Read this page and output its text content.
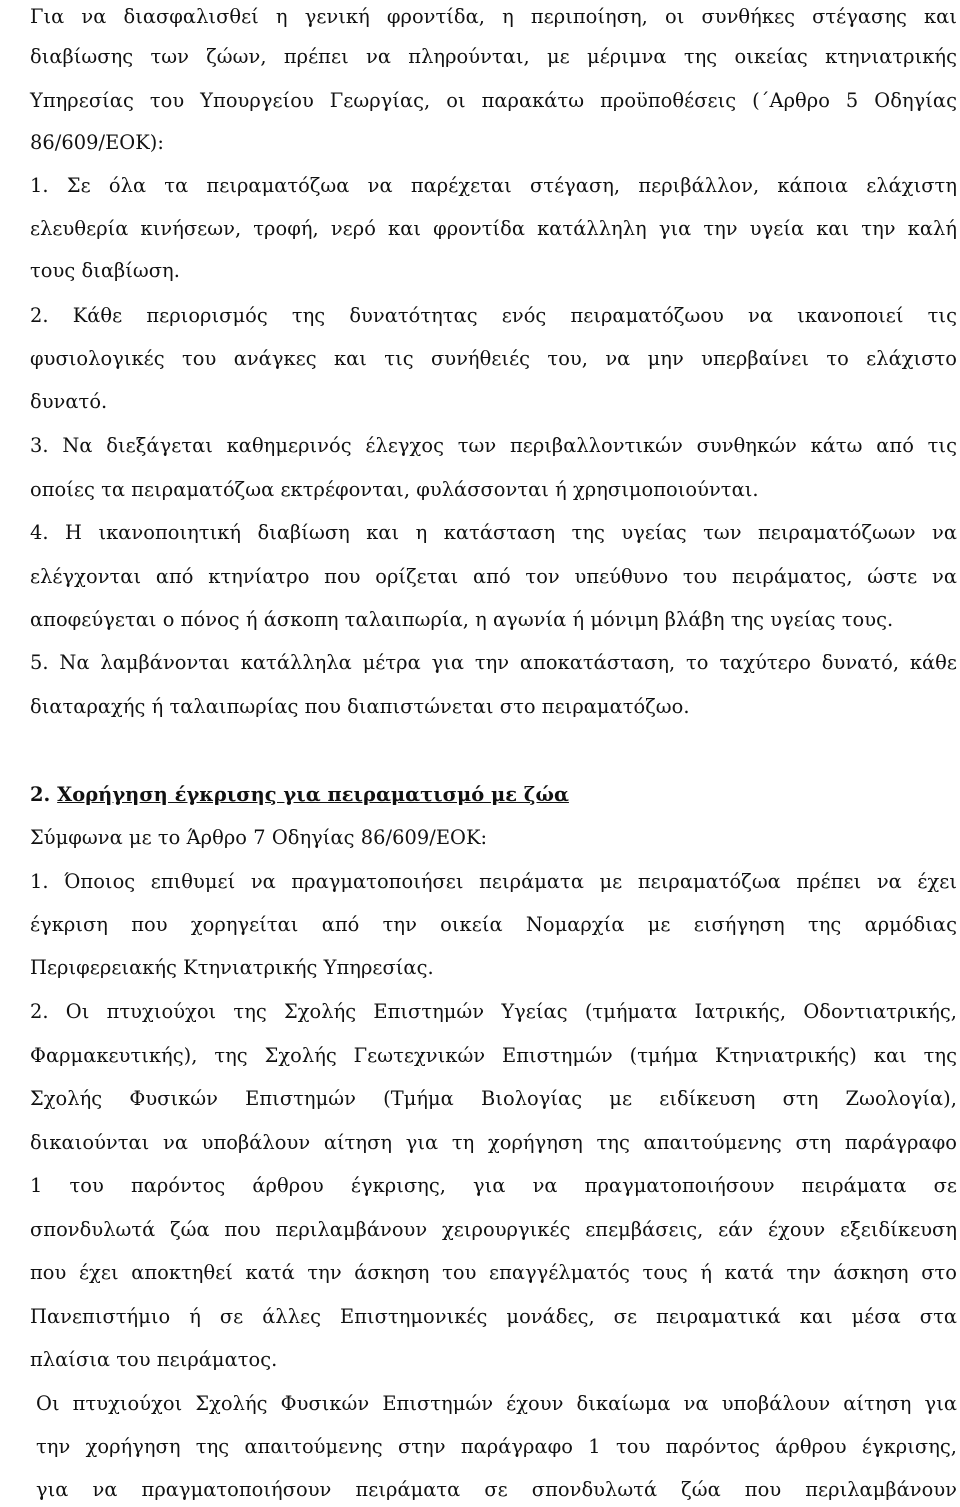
Για να διασφαλισθεί η γενική φροντίδα, η περιποίηση, οι συνθήκες στέγασης και
διαβίωσης των ζώων, πρέπει να πληρούνται, με μέριμνα της οικείας κτηνιατρικής
Υπηρεσίας του Υπουργείου Γεωργίας, οι παρακάτω προϋποθέσεις (΄Αρθρο 5 Οδηγίας
86/609/ΕΟΚ):
1. Σε όλα τα πειραματόζωα να παρέχεται στέγαση, περιβάλλον, κάποια ελάχιστη
ελευθερία κινήσεων, τροφή, νερό και φροντίδα κατάλληλη για την υγεία και την καλή
τους διαβίωση.
2. Κάθε περιορισμός της δυνατότητας ενός πειραματόζωου να ικανοποιεί τις
φυσιολογικές του ανάγκες και τις συνήθειές του, να μην υπερβαίνει το ελάχιστο
δυνατό.
3. Να διεξάγεται καθημερινός έλεγχος των περιβαλλοντικών συνθηκών κάτω από τις
οποίες τα πειραματόζωα εκτρέφονται, φυλάσσονται ή χρησιμοποιούνται.
4. Η ικανοποιητική διαβίωση και η κατάσταση της υγείας των πειραματόζωων να
ελέγχονται από κτηνίατρο που ορίζεται από τον υπεύθυνο του πειράματος, ώστε να
αποφεύγεται ο πόνος ή άσκοπη ταλαιπωρία, η αγωνία ή μόνιμη βλάβη της υγείας τους.
5. Να λαμβάνονται κατάλληλα μέτρα για την αποκατάσταση, το ταχύτερο δυνατό, κάθε
διαταραχής ή ταλαιπωρίας που διαπιστώνεται στο πειραματόζωο.
2. Χορήγηση έγκρισης για πειραματισμό με ζώα
Σύμφωνα με το Άρθρο 7 Οδηγίας 86/609/ΕΟΚ:
1. Όποιος επιθυμεί να πραγματοποιήσει πειράματα με πειραματόζωα πρέπει να έχει
έγκριση που χορηγείται από την οικεία Νομαρχία με εισήγηση της αρμόδιας
Περιφερειακής Κτηνιατρικής Υπηρεσίας.
2. Οι πτυχιούχοι της Σχολής Επιστημών Υγείας (τμήματα Ιατρικής, Οδοντιατρικής,
Φαρμακευτικής), της Σχολής Γεωτεχνικών Επιστημών (τμήμα Κτηνιατρικής) και της
Σχολής Φυσικών Επιστημών (Τμήμα Βιολογίας με ειδίκευση στη Ζωολογία),
δικαιούνται να υποβάλουν αίτηση για τη χορήγηση της απαιτούμενης στη παράγραφο
1 του παρόντος άρθρου έγκρισης, για να πραγματοποιήσουν πειράματα σε
σπονδυλωτά ζώα που περιλαμβάνουν χειρουργικές επεμβάσεις, εάν έχουν εξειδίκευση
που έχει αποκτηθεί κατά την άσκηση του επαγγέλματός τους ή κατά την άσκηση στο
Πανεπιστήμιο ή σε άλλες Επιστημονικές μονάδες, σε πειραματικά και μέσα στα
πλαίσια του πειράματος.
Οι πτυχιούχοι Σχολής Φυσικών Επιστημών έχουν δικαίωμα να υποβάλουν αίτηση για
την χορήγηση της απαιτούμενης στην παράγραφο 1 του παρόντος άρθρου έγκρισης,
για να πραγματοποιήσουν πειράματα σε σπονδυλωτά ζώα που περιλαμβάνουν
